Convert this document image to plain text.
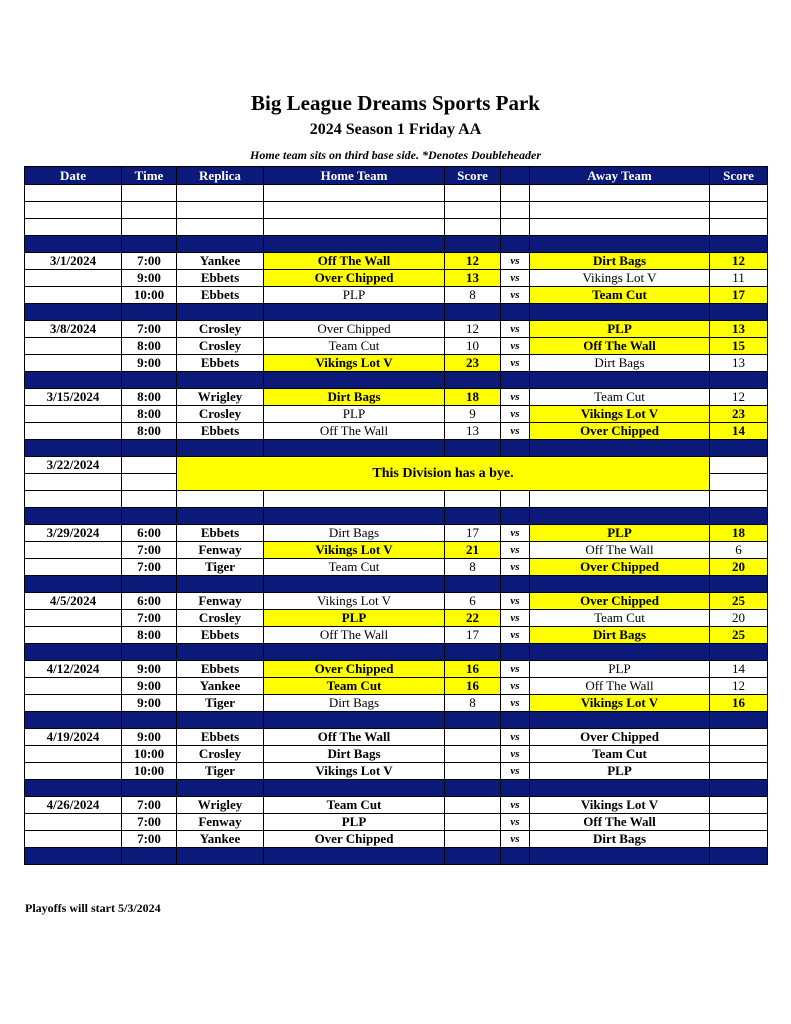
Big League Dreams Sports Park
2024 Season 1 Friday AA
Home team sits on third base side. *Denotes Doubleheader
Date	Time	Replica	Home Team	Score		Away Team	Score

3/1/2024	7:00	Yankee	Off The Wall	12	vs	Dirt Bags	12
	9:00	Ebbets	Over Chipped	13	vs	Vikings Lot V	11
	10:00	Ebbets	PLP	8	vs	Team Cut	17

3/8/2024	7:00	Crosley	Over Chipped	12	vs	PLP	13
	8:00	Crosley	Team Cut	10	vs	Off The Wall	15
	9:00	Ebbets	Vikings Lot V	23	vs	Dirt Bags	13

3/15/2024	8:00	Wrigley	Dirt Bags	18	vs	Team Cut	12
	8:00	Crosley	PLP	9	vs	Vikings Lot V	23
	8:00	Ebbets	Off The Wall	13	vs	Over Chipped	14

3/22/2024		This Division has a bye.					

3/29/2024	6:00	Ebbets	Dirt Bags	17	vs	PLP	18
	7:00	Fenway	Vikings Lot V	21	vs	Off The Wall	6
	7:00	Tiger	Team Cut	8	vs	Over Chipped	20

4/5/2024	6:00	Fenway	Vikings Lot V	6	vs	Over Chipped	25
	7:00	Crosley	PLP	22	vs	Team Cut	20
	8:00	Ebbets	Off The Wall	17	vs	Dirt Bags	25

4/12/2024	9:00	Ebbets	Over Chipped	16	vs	PLP	14
	9:00	Yankee	Team Cut	16	vs	Off The Wall	12
	9:00	Tiger	Dirt Bags	8	vs	Vikings Lot V	16

4/19/2024	9:00	Ebbets	Off The Wall		vs	Over Chipped	
	10:00	Crosley	Dirt Bags		vs	Team Cut	
	10:00	Tiger	Vikings Lot V		vs	PLP	

4/26/2024	7:00	Wrigley	Team Cut		vs	Vikings Lot V	
	7:00	Fenway	PLP		vs	Off The Wall	
	7:00	Yankee	Over Chipped		vs	Dirt Bags	

Playoffs will start 5/3/2024
